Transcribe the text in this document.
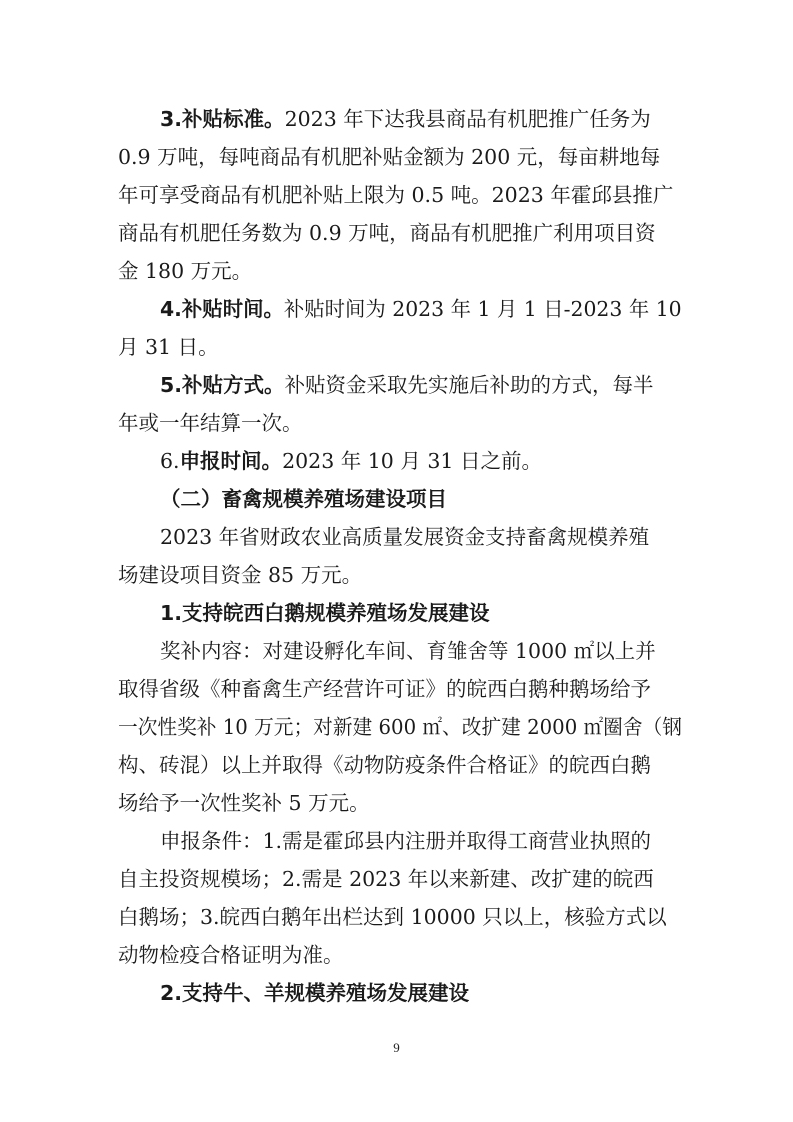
3.补贴标准。2023 年下达我县商品有机肥推广任务为
0.9 万吨，每吨商品有机肥补贴金额为 200 元，每亩耕地每
年可享受商品有机肥补贴上限为 0.5 吨。2023 年霍邱县推广
商品有机肥任务数为 0.9 万吨，商品有机肥推广利用项目资
金 180 万元。
4.补贴时间。补贴时间为 2023 年 1 月 1 日-2023 年 10
月 31 日。
5.补贴方式。补贴资金采取先实施后补助的方式，每半
年或一年结算一次。
6.申报时间。2023 年 10 月 31 日之前。
（二）畜禽规模养殖场建设项目
2023 年省财政农业高质量发展资金支持畜禽规模养殖
场建设项目资金 85 万元。
1.支持皖西白鹅规模养殖场发展建设
奖补内容：对建设孵化车间、育雏舍等 1000 ㎡以上并
取得省级《种畜禽生产经营许可证》的皖西白鹅种鹅场给予
一次性奖补 10 万元；对新建 600 ㎡、改扩建 2000 ㎡圈舍（钢
构、砖混）以上并取得《动物防疫条件合格证》的皖西白鹅
场给予一次性奖补 5 万元。
申报条件：1.需是霍邱县内注册并取得工商营业执照的
自主投资规模场；2.需是 2023 年以来新建、改扩建的皖西
白鹅场；3.皖西白鹅年出栏达到 10000 只以上，核验方式以
动物检疫合格证明为准。
2.支持牛、羊规模养殖场发展建设
9
